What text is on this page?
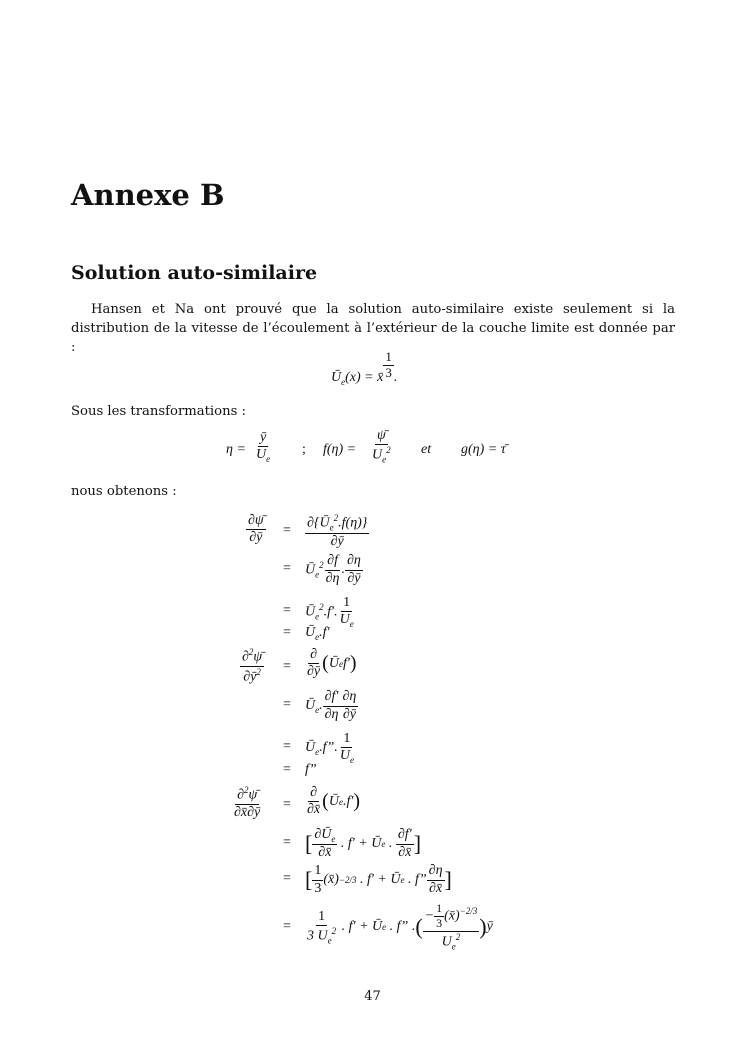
Annexe B
Solution auto-similaire
Hansen et Na ont prouvé que la solution auto-similaire existe seulement si la distribution de la vitesse de l’écoulement à l’extérieur de la couche limite est donnée par :
$Ū_e(x)$ = x̄ $\frac{1}{3}$ .
Sous les transformations :
$\eta = \frac{ȳ}{U_e}$ ; $f(\eta) = \frac{\psī}{U_e^2}$ et g(η) = τ̄
nous obtenons :
$\frac{\partial\psī}{\partial ȳ} = \frac{\partial\{Ū_e^2.f(\eta)\}}{\partial ȳ}$
= $Ū_e^2 \frac{\partial f}{\partial\eta}$ . $\frac{\partial\eta}{\partial ȳ}$
= $Ū_e^2.f'$. $\frac{1}{U_e}$
= $Ū_e.f'$
$\frac{\partial^2\psī}{\partial ȳ^2} = \frac{\partial}{\partial ȳ}$ ( Ū e f′ )
= $Ū_e$. $\frac{\partial f'}{\partial\eta} \frac{\partial\eta}{\partial ȳ}$
= $Ū_e.f$”. $\frac{1}{U_e}$
= f”
$\frac{\partial^2\psī}{\partial x̄\partial ȳ} = \frac{\partial}{\partial x̄}$ ( Ū e .f′ )
= [ $\frac{\partial Ū_e}{\partial x̄}$ . f′ + Ū e . $\frac{\partial f'}{\partial x̄}$ ]
= [ $\frac{1}{3}$ (x̄) −2/3 . f′ + Ū e . f” $\frac{\partial\eta}{\partial x̄}$ ]
= $\frac{1}{3 U_e^2}$ . f′ + Ū e . f” . ( $\frac{- \frac{1}{3} (x̄)^{-2/3}}{U_e^2}$ ) ȳ
47
